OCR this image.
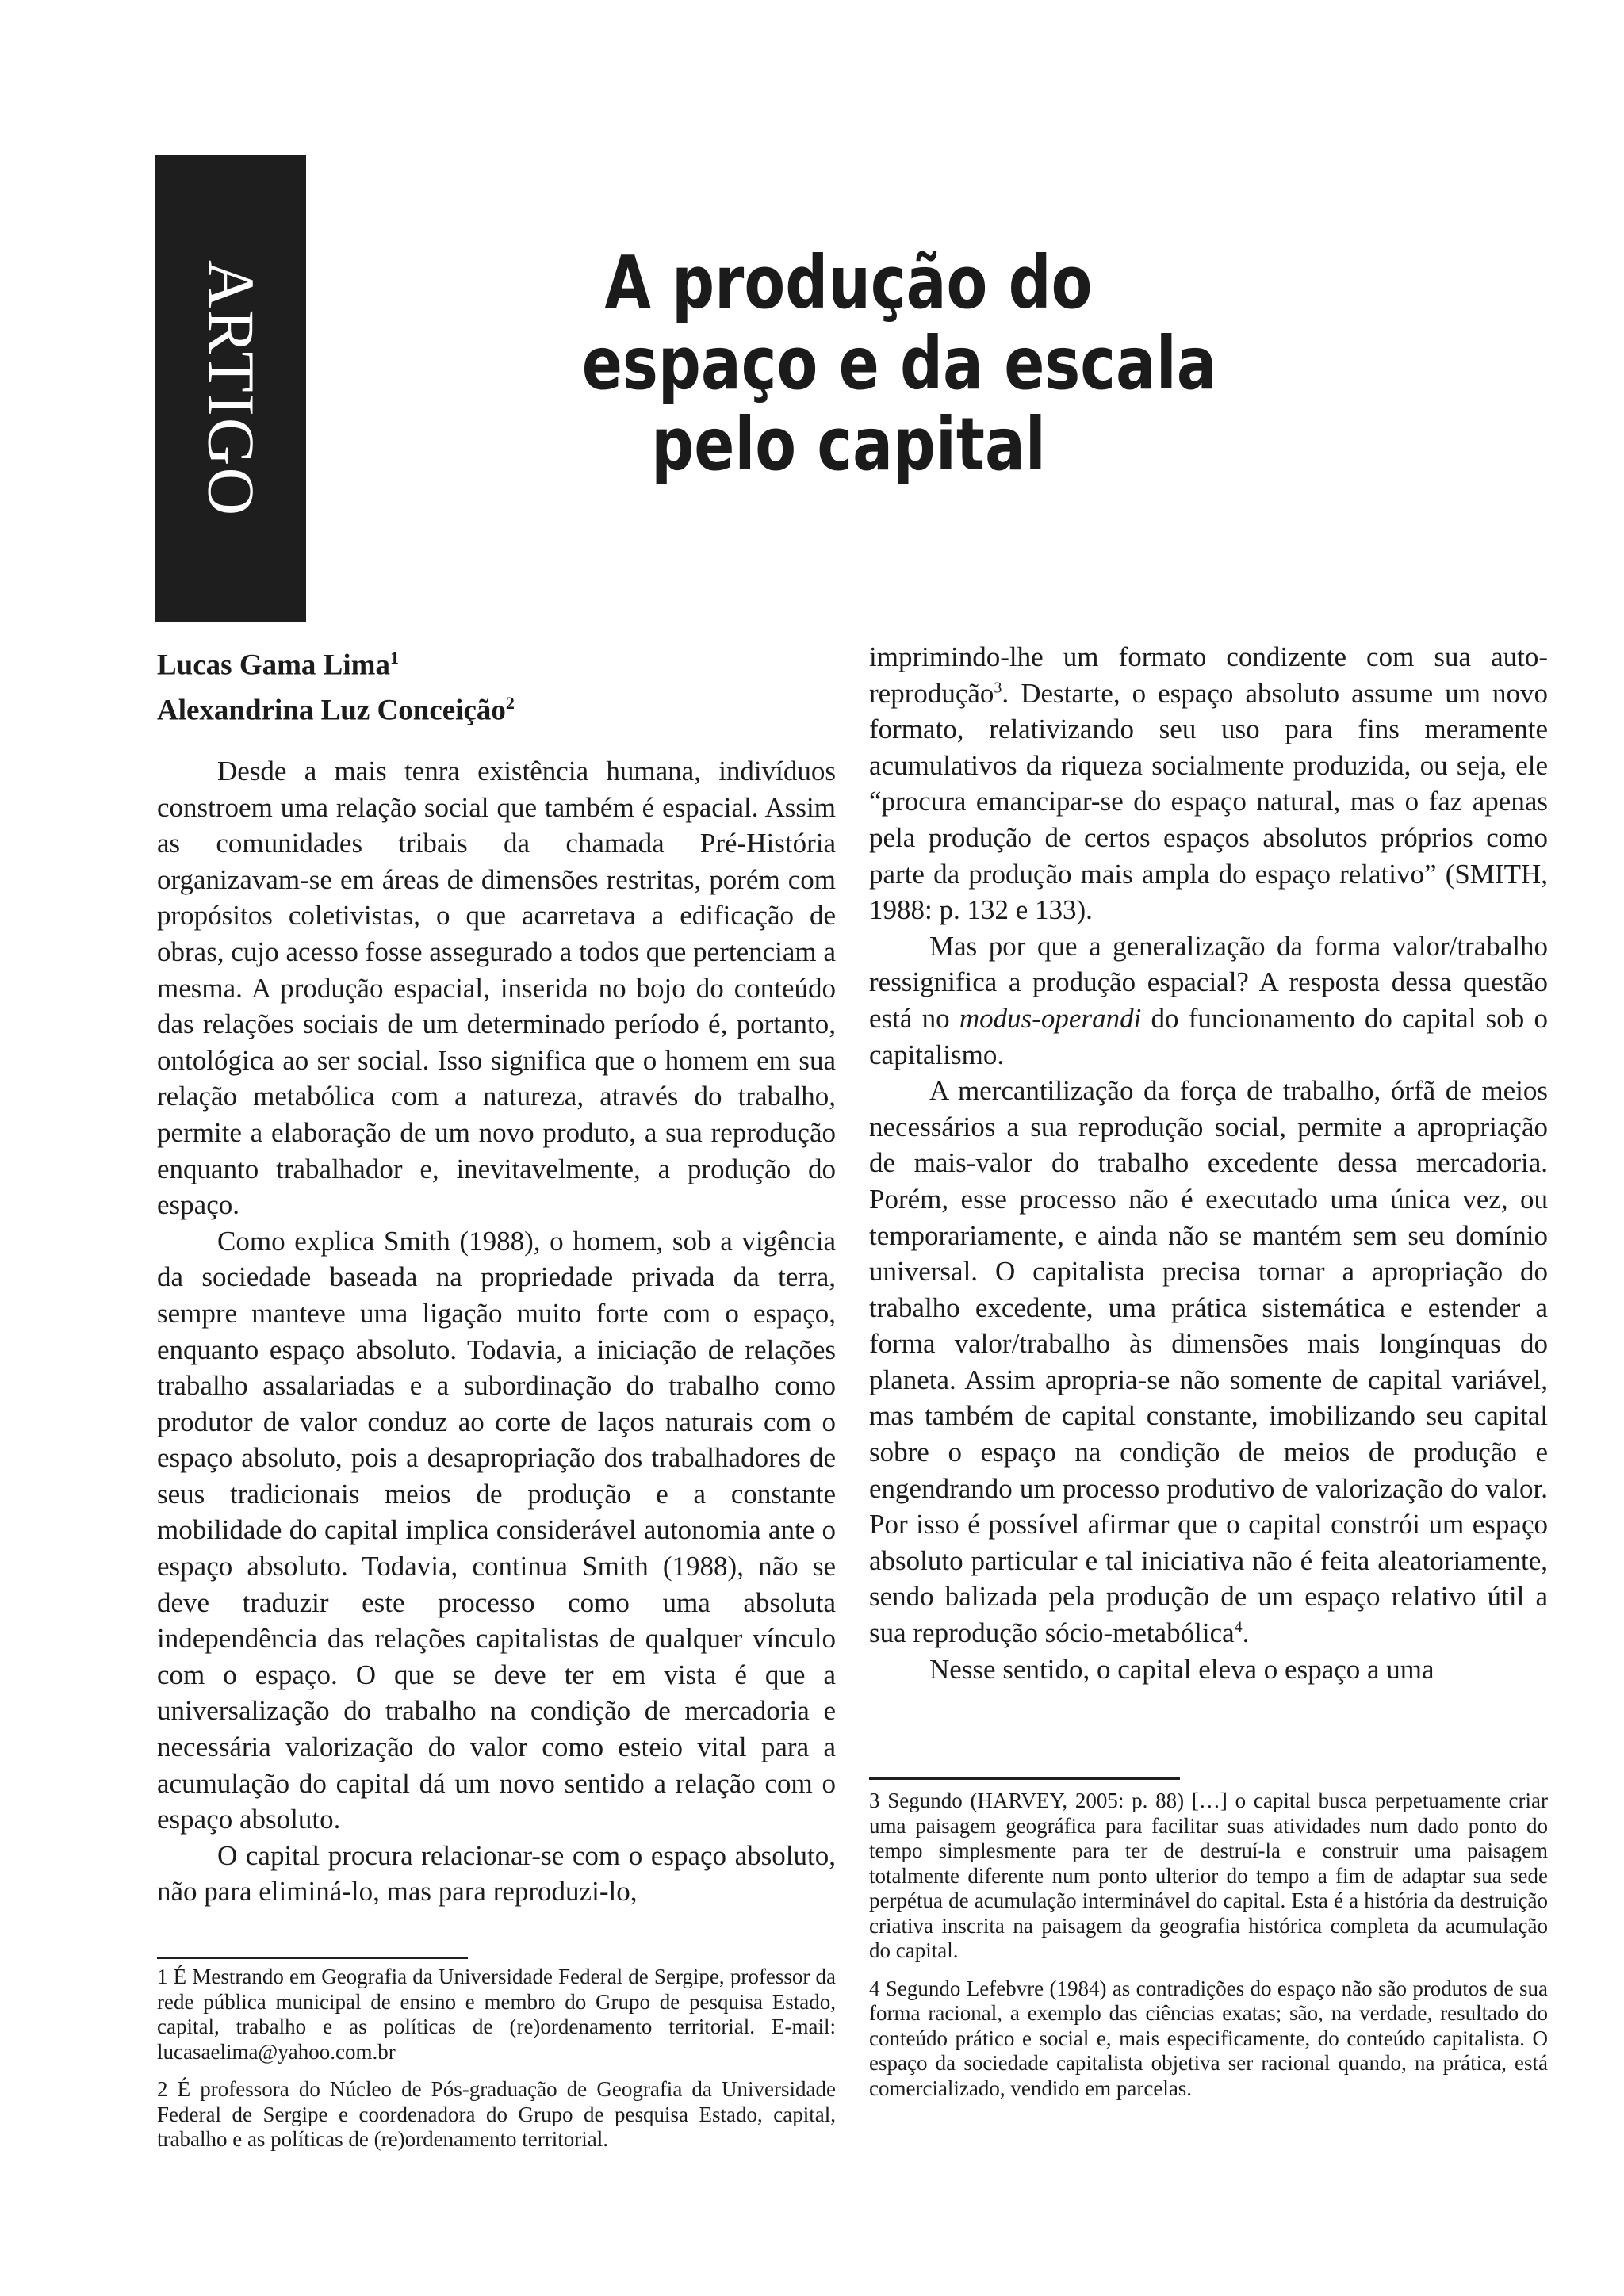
ARTIGO	A produção do
espaço e da escala
pelo capital
Lucas Gama Lima$^1$
Alexandrina Luz Conceição$^2$

Desde a mais tenra existência humana, indivíduos constroem uma relação social que também é espacial. Assim as comunidades tribais da chamada Pré-História organizavam-se em áreas de dimensões restritas, porém com propósitos coletivistas, o que acarretava a edificação de obras, cujo acesso fosse assegurado a todos que pertenciam a mesma. A produção espacial, inserida no bojo do conteúdo das relações sociais de um determinado período é, portanto, ontológica ao ser social. Isso significa que o homem em sua relação metabólica com a natureza, através do trabalho, permite a elaboração de um novo produto, a sua reprodução enquanto trabalhador e, inevitavelmente, a produção do espaço.

Como explica Smith (1988), o homem, sob a vigência da sociedade baseada na propriedade privada da terra, sempre manteve uma ligação muito forte com o espaço, enquanto espaço absoluto. Todavia, a iniciação de relações trabalho assalariadas e a subordinação do trabalho como produtor de valor conduz ao corte de laços naturais com o espaço absoluto, pois a desapropriação dos trabalhadores de seus tradicionais meios de produção e a constante mobilidade do capital implica considerável autonomia ante o espaço absoluto. Todavia, continua Smith (1988), não se deve traduzir este processo como uma absoluta independência das relações capitalistas de qualquer vínculo com o espaço. O que se deve ter em vista é que a universalização do trabalho na condição de mercadoria e necessária valorização do valor como esteio vital para a acumulação do capital dá um novo sentido a relação com o espaço absoluto.

O capital procura relacionar-se com o espaço absoluto, não para eliminá-lo, mas para reproduzi-lo,

imprimindo-lhe um formato condizente com sua auto-reprodução$^3$. Destarte, o espaço absoluto assume um novo formato, relativizando seu uso para fins meramente acumulativos da riqueza socialmente produzida, ou seja, ele “procura emancipar-se do espaço natural, mas o faz apenas pela produção de certos espaços absolutos próprios como parte da produção mais ampla do espaço relativo” (SMITH, 1988: p. 132 e 133).

Mas por que a generalização da forma valor/trabalho ressignifica a produção espacial? A resposta dessa questão está no modus-operandi do funcionamento do capital sob o capitalismo.

A mercantilização da força de trabalho, órfã de meios necessários a sua reprodução social, permite a apropriação de mais-valor do trabalho excedente dessa mercadoria. Porém, esse processo não é executado uma única vez, ou temporariamente, e ainda não se mantém sem seu domínio universal. O capitalista precisa tornar a apropriação do trabalho excedente, uma prática sistemática e estender a forma valor/trabalho às dimensões mais longínquas do planeta. Assim apropria-se não somente de capital variável, mas também de capital constante, imobilizando seu capital sobre o espaço na condição de meios de produção e engendrando um processo produtivo de valorização do valor. Por isso é possível afirmar que o capital constrói um espaço absoluto particular e tal iniciativa não é feita aleatoriamente, sendo balizada pela produção de um espaço relativo útil a sua reprodução sócio-metabólica$^4$.

Nesse sentido, o capital eleva o espaço a uma

1 É Mestrando em Geografia da Universidade Federal de Sergipe, professor da rede pública municipal de ensino e membro do Grupo de pesquisa Estado, capital, trabalho e as políticas de (re)ordenamento territorial. E-mail: lucasaelima@yahoo.com.br

2 É professora do Núcleo de Pós-graduação de Geografia da Universidade Federal de Sergipe e coordenadora do Grupo de pesquisa Estado, capital, trabalho e as políticas de (re)ordenamento territorial.

3 Segundo (HARVEY, 2005: p. 88) […] o capital busca perpetuamente criar uma paisagem geográfica para facilitar suas atividades num dado ponto do tempo simplesmente para ter de destruí-la e construir uma paisagem totalmente diferente num ponto ulterior do tempo a fim de adaptar sua sede perpétua de acumulação interminável do capital. Esta é a história da destruição criativa inscrita na paisagem da geografia histórica completa da acumulação do capital.

4 Segundo Lefebvre (1984) as contradições do espaço não são produtos de sua forma racional, a exemplo das ciências exatas; são, na verdade, resultado do conteúdo prático e social e, mais especificamente, do conteúdo capitalista. O espaço da sociedade capitalista objetiva ser racional quando, na prática, está comercializado, vendido em parcelas.
